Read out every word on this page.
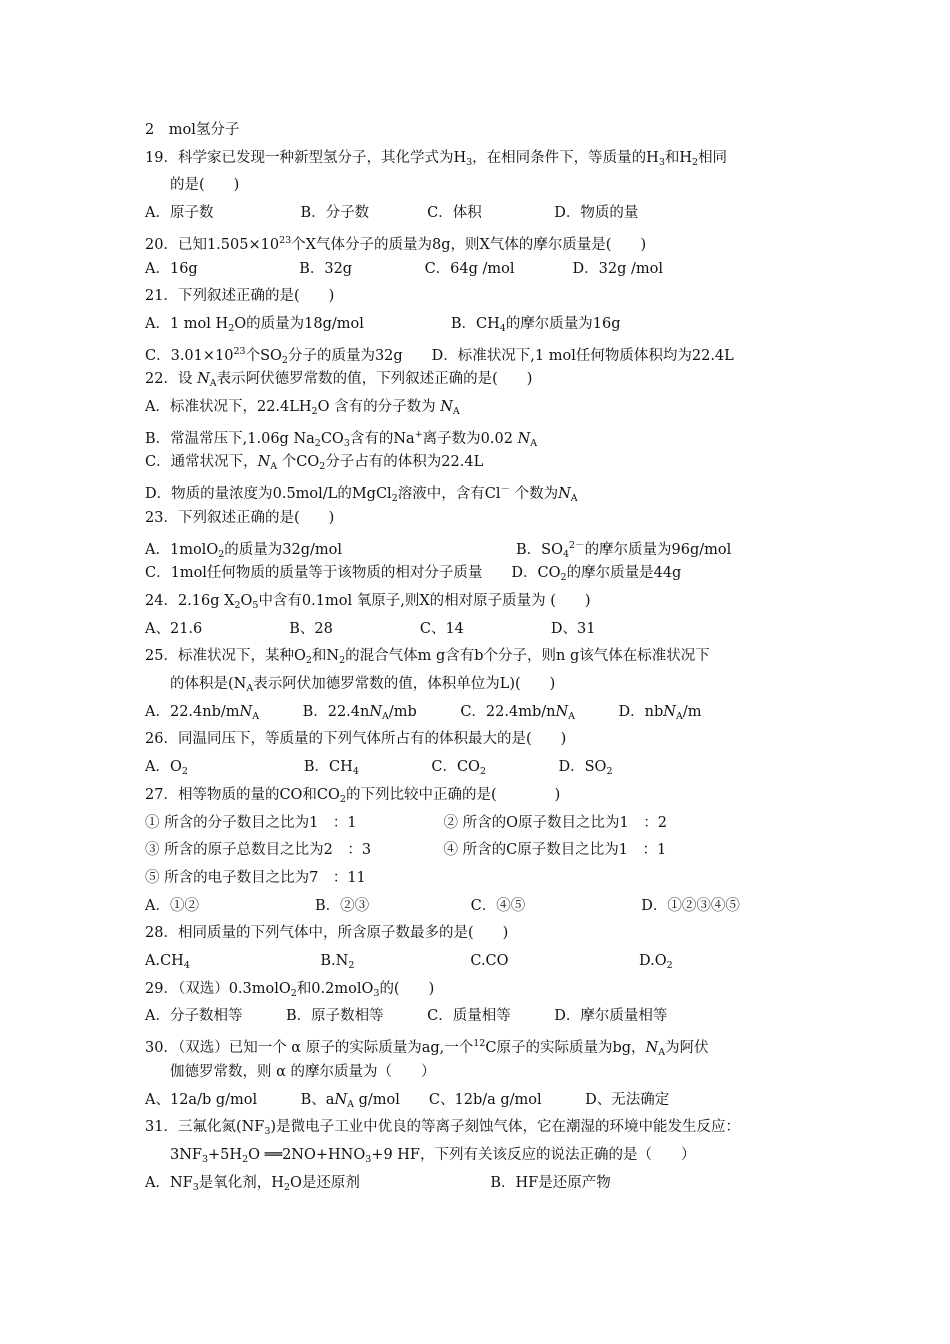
2　mol氢分子
19．科学家已发现一种新型氢分子，其化学式为$H_3$，在相同条件下，等质量的$H_3$和$H_2$相同
的是(　　)
A．原子数　　　　　　B．分子数　　　　C．体积　　　　　D．物质的量
20．已知$1.505\times 10^{23}$个X气体分子的质量为8g，则X气体的摩尔质量是(　　)
A．16g　　　　　　　B．32g　　　　　C．64g /mol　　　　D．32g /mol
21．下列叙述正确的是(　　)
A．1 mol $H_2O$的质量为18g/mol　　　　　　B．$CH_4$的摩尔质量为16g
C．$3.01\times 10^{23}$个$SO_2$分子的质量为32g　　D．标准状况下,1 mol任何物质体积均为22.4L
22．设 $N_A$表示阿伏德罗常数的值，下列叙述正确的是(　　)
A．标准状况下，$22.4LH_2O$ 含有的分子数为 $N_A$
B．常温常压下,1.06g $Na_2CO_3$含有的Na+离子数为0.02 $N_A$
C．通常状况下，$N_A$ 个$CO_2$分子占有的体积为22.4L
D．物质的量浓度为0.5mol/L的MgCl$_2$溶液中，含有Cl－ 个数为$N_A$
23．下列叙述正确的是(　　)
A．1molO$_2$的质量为32g/mol　　　　　　　　　　　　B．$SO_4^{2-}$的摩尔质量为96g/mol
C．1mol任何物质的质量等于该物质的相对分子质量　　D．$CO_2$的摩尔质量是44g
24．2.16g $X_2O_5$中含有0.1mol 氧原子,则X的相对原子质量为 (　　)
A、21.6　　　　　　B、28　　　　　　C、14　　　　　　D、31
25．标准状况下，某种$O_2$和$N_2$的混合气体m g含有b个分子，则n g该气体在标准状况下
的体积是($N_A$表示阿伏加德罗常数的值，体积单位为L)(　　)
A．$22.4nb/mN_A$　　　B．$22.4nN_A/mb$　　　C．$22.4mb/nN_A$　　　D．nbN$_A$/m
26．同温同压下，等质量的下列气体所占有的体积最大的是(　　)
A．$O_2$　　　　　　　　B．$CH_4$　　　　　C．$CO_2$　　　　　D．$SO_2$
27．相等物质的量的CO和$CO_2$的下列比较中正确的是(　　　　)
① 所含的分子数目之比为1　：1　　　　　　② 所含的O原子数目之比为1　：2
③ 所含的原子总数目之比为2　：3　　　　　④ 所含的C原子数目之比为1　：1
⑤ 所含的电子数目之比为7　：11
A．①②　　　　　　　　B．②③　　　　　　　C．④⑤　　　　　　　　D．①②③④⑤
28．相同质量的下列气体中，所含原子数最多的是(　　)
$A.CH_4$　　　　　　　　　$B.N_2$　　　　　　　　C.CO　　　　　　　　　$D.O_2$
29．（双选）0.3molO$_2$和0.2molO$_3$的(　　)
A．分子数相等　　　B．原子数相等　　　C．质量相等　　　D．摩尔质量相等
30．（双选）已知一个 α 原子的实际质量为ag,一个$^{12}$C原子的实际质量为bg，$N_A$为阿伏
伽德罗常数，则 α 的摩尔质量为（　　）
A、12a/b g/mol　　　B、$aN_A$ g/mol　　C、12b/a g/mol　　　D、无法确定
31．三氟化氮$(NF_3)$是微电子工业中优良的等离子刻蚀气体，它在潮湿的环境中能发生反应：
$3NF_3+5H_2O$ $══2NO+HNO_3+9$ HF，下列有关该反应的说法正确的是（　　）
A．$NF_3$是氧化剂，$H_2O$是还原剂　　　　　　　　　B．HF是还原产物
